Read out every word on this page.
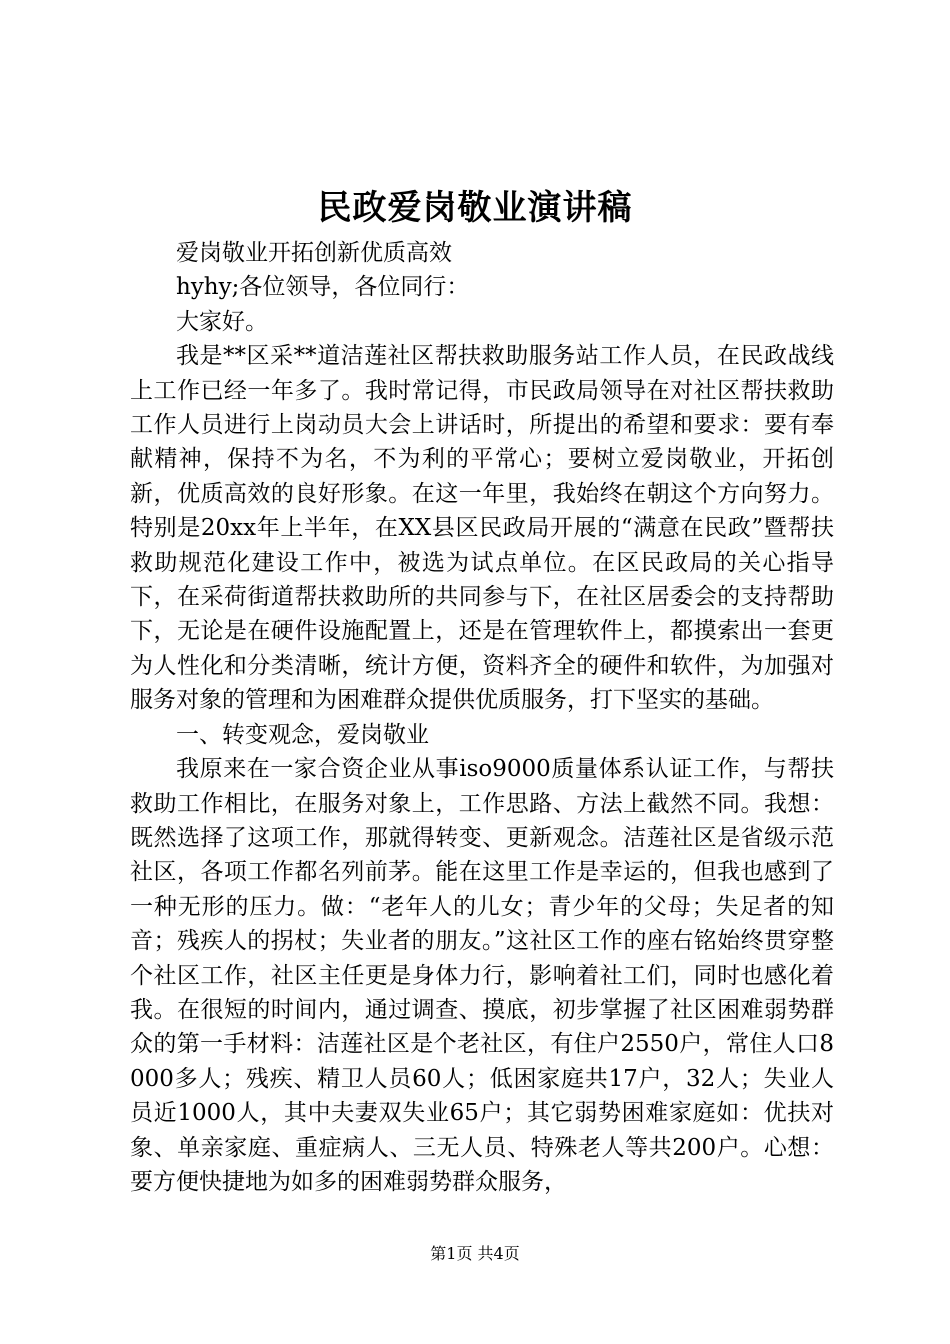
民政爱岗敬业演讲稿

爱岗敬业开拓创新优质高效

hyhy;各位领导，各位同行：

大家好。

我是**区采**道洁莲社区帮扶救助服务站工作人员，在民政战线上工作已经一年多了。我时常记得，市民政局领导在对社区帮扶救助工作人员进行上岗动员大会上讲话时，所提出的希望和要求：要有奉献精神，保持不为名，不为利的平常心；要树立爱岗敬业，开拓创新，优质高效的良好形象。在这一年里，我始终在朝这个方向努力。特别是20xx年上半年，在XX县区民政局开展的“满意在民政”暨帮扶救助规范化建设工作中，被选为试点单位。在区民政局的关心指导下，在采荷街道帮扶救助所的共同参与下，在社区居委会的支持帮助下，无论是在硬件设施配置上，还是在管理软件上，都摸索出一套更为人性化和分类清晰，统计方便，资料齐全的硬件和软件，为加强对服务对象的管理和为困难群众提供优质服务，打下坚实的基础。

一、转变观念，爱岗敬业

我原来在一家合资企业从事iso9000质量体系认证工作，与帮扶救助工作相比，在服务对象上，工作思路、方法上截然不同。我想：既然选择了这项工作，那就得转变、更新观念。洁莲社区是省级示范社区，各项工作都名列前茅。能在这里工作是幸运的，但我也感到了一种无形的压力。做：“老年人的儿女；青少年的父母；失足者的知音；残疾人的拐杖；失业者的朋友。”这社区工作的座右铭始终贯穿整个社区工作，社区主任更是身体力行，影响着社工们，同时也感化着我。在很短的时间内，通过调查、摸底，初步掌握了社区困难弱势群众的第一手材料：洁莲社区是个老社区，有住户2550户，常住人口8000多人；残疾、精卫人员60人；低困家庭共17户，32人；失业人员近1000人，其中夫妻双失业65户；其它弱势困难家庭如：优扶对象、单亲家庭、重症病人、三无人员、特殊老人等共200户。心想：要方便快捷地为如多的困难弱势群众服务，

第1页 共4页
